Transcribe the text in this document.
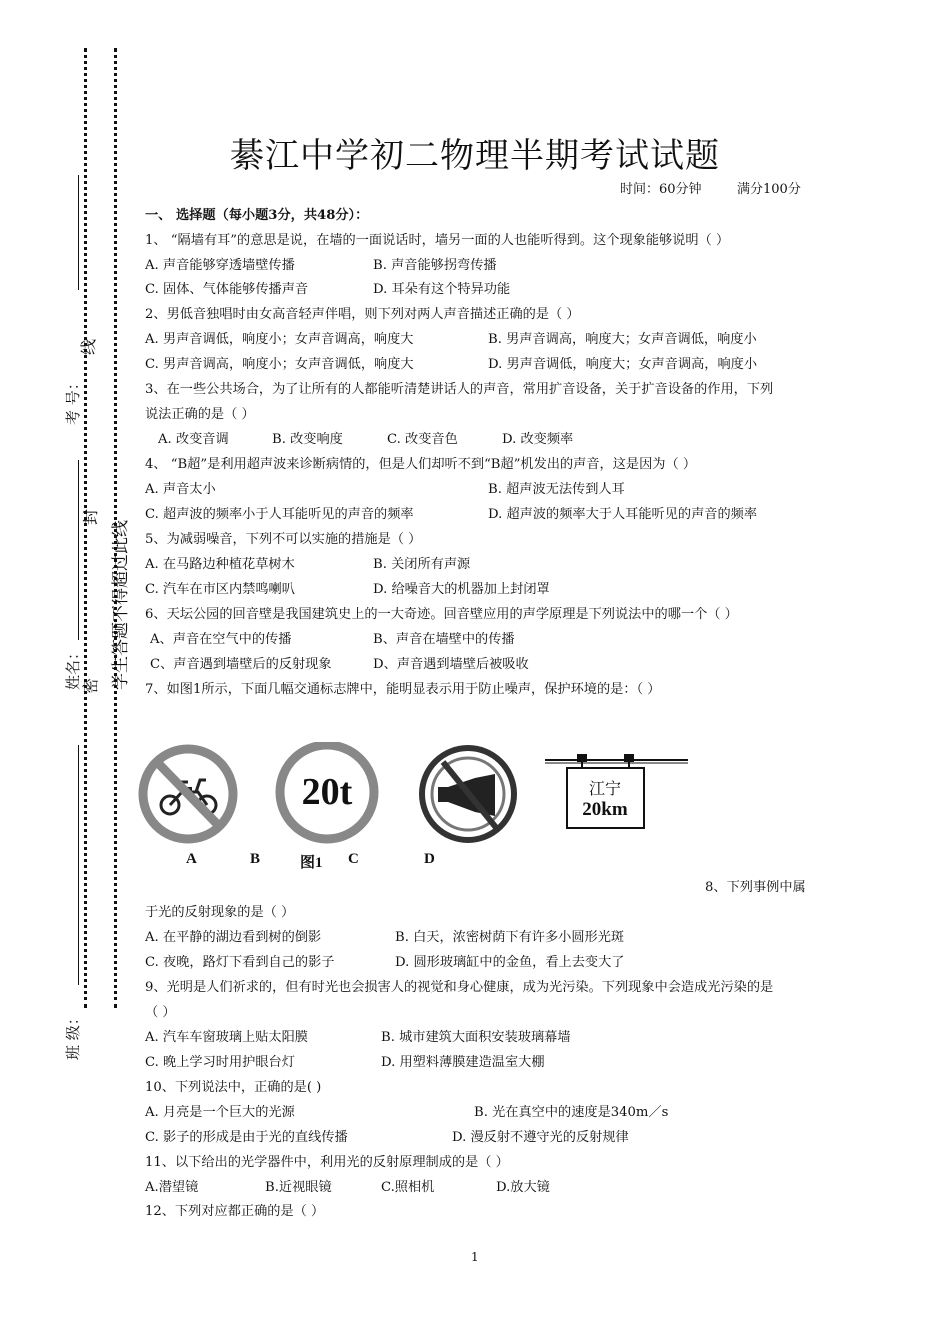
考 号：
线
封
姓名： 密
班 级：
学生答题不得超过此线
綦江中学初二物理半期考试试题
时间：60分钟	满分100分
一、 选择题（每小题3分，共48分）：
1、 “隔墙有耳”的意思是说，在墙的一面说话时，墙另一面的人也能听得到。这个现象能够说明（ ）
A. 声音能够穿透墙壁传播	B. 声音能够拐弯传播
C. 固体、气体能够传播声音	D. 耳朵有这个特异功能
2、男低音独唱时由女高音轻声伴唱，则下列对两人声音描述正确的是（ ）
A. 男声音调低，响度小；女声音调高，响度大	B. 男声音调高，响度大；女声音调低，响度小
C. 男声音调高，响度小；女声音调低，响度大	D. 男声音调低，响度大；女声音调高，响度小
3、在一些公共场合，为了让所有的人都能听清楚讲话人的声音，常用扩音设备，关于扩音设备的作用，下列
说法正确的是（ ）
A. 改变音调	B. 改变响度	C. 改变音色	D. 改变频率
4、 “B超”是利用超声波来诊断病情的，但是人们却听不到“B超”机发出的声音，这是因为（ ）
A. 声音太小	B. 超声波无法传到人耳
C. 超声波的频率小于人耳能听见的声音的频率	D. 超声波的频率大于人耳能听见的声音的频率
5、为减弱噪音，下列不可以实施的措施是（ ）
A. 在马路边种植花草树木	B. 关闭所有声源
C. 汽车在市区内禁鸣喇叭	D. 给噪音大的机器加上封闭罩
6、天坛公园的回音壁是我国建筑史上的一大奇迹。回音壁应用的声学原理是下列说法中的哪一个（ ）
A、声音在空气中的传播	B、声音在墙壁中的传播
C、声音遇到墙壁后的反射现象	D、声音遇到墙壁后被吸收
7、如图1所示，下面几幅交通标志牌中，能明显表示用于防止噪声，保护环境的是：（ ）
20t	江宁
20km
A	B	图1 C	D
8、下列事例中属
于光的反射现象的是（ ）
A. 在平静的湖边看到树的倒影	B. 白天，浓密树荫下有许多小圆形光斑
C. 夜晚，路灯下看到自己的影子	D. 圆形玻璃缸中的金鱼，看上去变大了
9、光明是人们祈求的，但有时光也会损害人的视觉和身心健康，成为光污染。下列现象中会造成光污染的是
（ ）
A. 汽车车窗玻璃上贴太阳膜	B. 城市建筑大面积安装玻璃幕墙
C. 晚上学习时用护眼台灯	D. 用塑料薄膜建造温室大棚
10、下列说法中，正确的是( )
A. 月亮是一个巨大的光源	B. 光在真空中的速度是340m／s
C. 影子的形成是由于光的直线传播	D. 漫反射不遵守光的反射规律
11、以下给出的光学器件中，利用光的反射原理制成的是（ ）
A.潜望镜	B.近视眼镜	C.照相机	D.放大镜
12、下列对应都正确的是（ ）
1
